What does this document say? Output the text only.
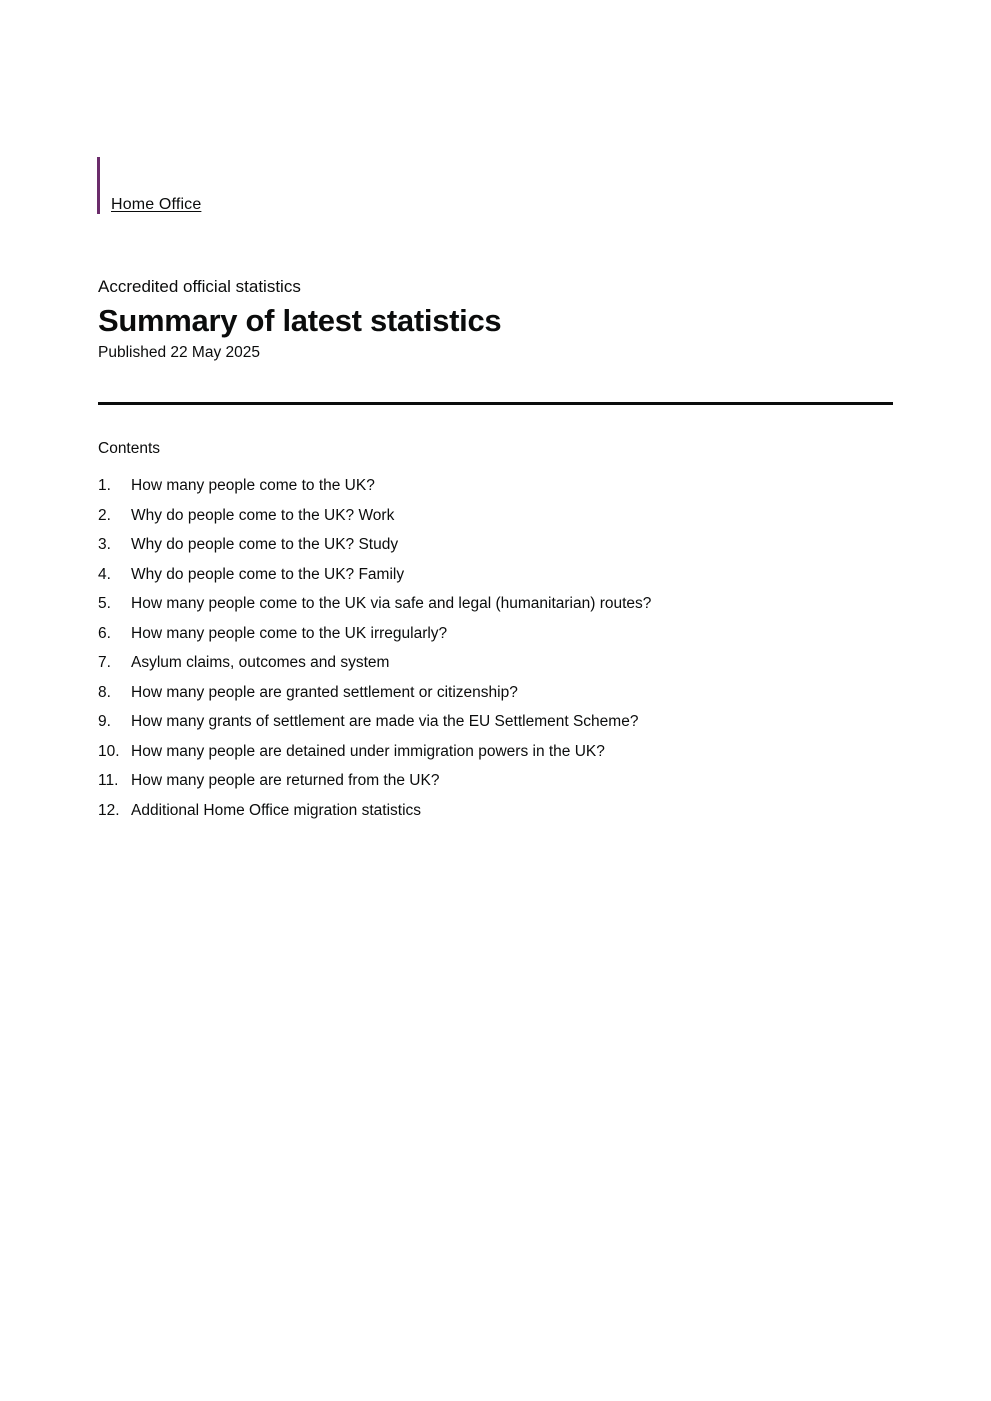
Home Office

Accredited official statistics

Summary of latest statistics

Published 22 May 2025

Contents

1.	How many people come to the UK?
2.	Why do people come to the UK? Work
3.	Why do people come to the UK? Study
4.	Why do people come to the UK? Family
5.	How many people come to the UK via safe and legal (humanitarian) routes?
6.	How many people come to the UK irregularly?
7.	Asylum claims, outcomes and system
8.	How many people are granted settlement or citizenship?
9.	How many grants of settlement are made via the EU Settlement Scheme?
10. How many people are detained under immigration powers in the UK?
11. How many people are returned from the UK?
12. Additional Home Office migration statistics
